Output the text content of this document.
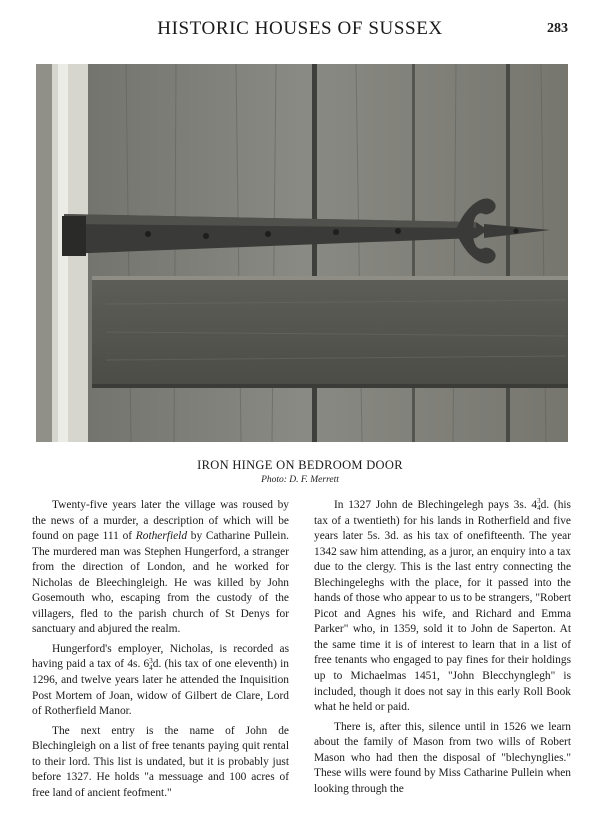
HISTORIC HOUSES OF SUSSEX	283
IRON HINGE ON BEDROOM DOOR
Photo: D. F. Merrett

Twenty-five years later the village was roused by the news of a murder, a description of which will be found on page 111 of Rotherfield by Catharine Pullein. The murdered man was Stephen Hungerford, a stranger from the direction of London, and he worked for Nicholas de Bleechingleigh. He was killed by John Gosemouth who, escaping from the custody of the villagers, fled to the parish church of St Denys for sanctuary and abjured the realm.

Hungerford's employer, Nicholas, is recorded as having paid a tax of 4s. 6 3
4 d. (his tax of one eleventh) in 1296, and twelve years later he attended the Inquisition Post Mortem of Joan, widow of Gilbert de Clare, Lord of Rotherfield Manor.

The next entry is the name of John de Blechingleigh on a list of free tenants paying quit rental to their lord. This list is undated, but it is probably just before 1327. He holds "a messuage and 100 acres of free land of ancient feofment."

In 1327 John de Blechingelegh pays 3s. 4 3
4 d. (his tax of a twentieth) for his lands in Rotherfield and five years later 5s. 3d. as his tax of onefifteenth. The year 1342 saw him attending, as a juror, an enquiry into a tax due to the clergy. This is the last entry connecting the Blechingeleghs with the place, for it passed into the hands of those who appear to us to be strangers, "Robert Picot and Agnes his wife, and Richard and Emma Parker" who, in 1359, sold it to John de Saperton. At the same time it is of interest to learn that in a list of free tenants who engaged to pay fines for their holdings up to Michaelmas 1451, "John Blecchynglegh" is included, though it does not say in this early Roll Book what he held or paid.

There is, after this, silence until in 1526 we learn about the family of Mason from two wills of Robert Mason who had then the disposal of "blechynglies." These wills were found by Miss Catharine Pullein when looking through the
